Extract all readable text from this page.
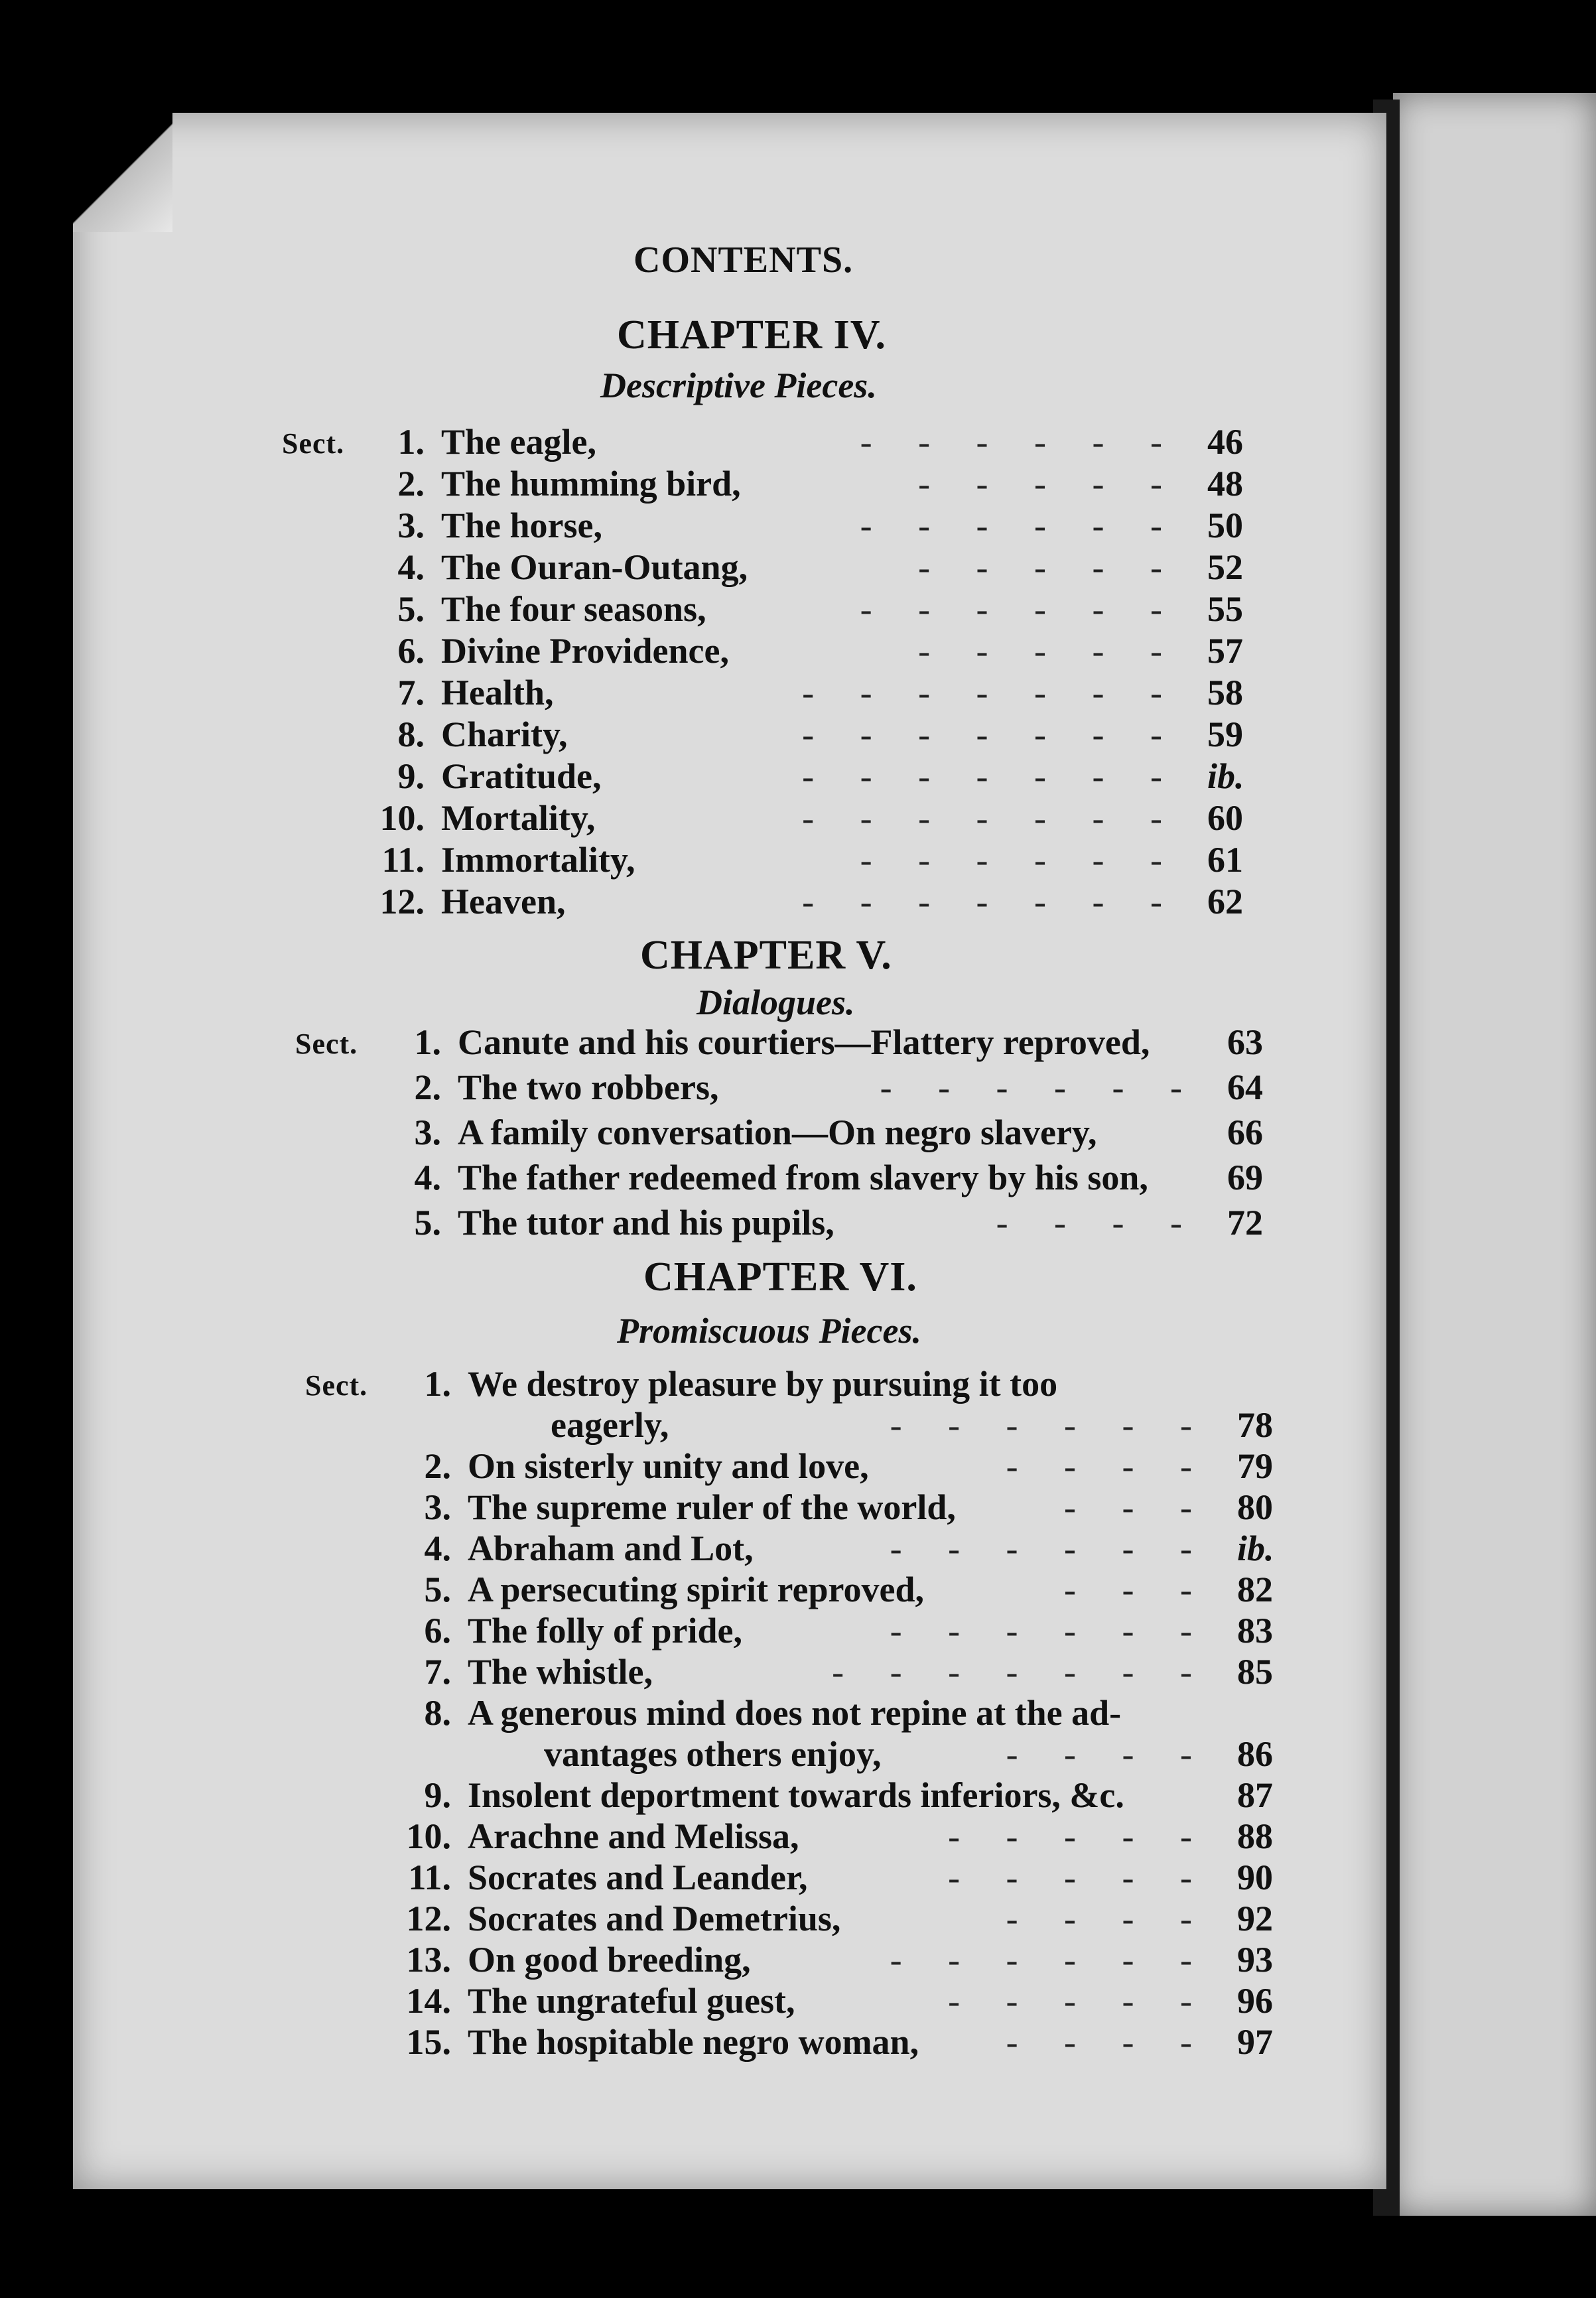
CONTENTS.
CHAPTER IV.
Descriptive Pieces.
Sect.	1. The eagle,	- - - - - - 46
2. The humming bird,	- - - - - 48
3. The horse,	- - - - - - 50
4. The Ouran-Outang,	- - - - - 52
5. The four seasons,	- - - - - - 55
6. Divine Providence,	- - - - - 57
7. Health,	- - - - - - - 58
8. Charity,	- - - - - - - 59
9. Gratitude,	- - - - - - - ib.
10. Mortality,	- - - - - - - 60
11. Immortality,	- - - - - - 61
12. Heaven,	- - - - - - - 62
CHAPTER V.
Dialogues.
Sect.	1. Canute and his courtiers—Flattery reproved, 63
2. The two robbers,	- - - - - - 64
3. A family conversation—On negro slavery,	66
4. The father redeemed from slavery by his son, 69
5. The tutor and his pupils,	- - - - 72
CHAPTER VI.
Promiscuous Pieces.
Sect.	1. We destroy pleasure by pursuing it too
eagerly,	- - - - - - 78
2. On sisterly unity and love,	- - - - 79
3. The supreme ruler of the world,	- - - 80
4. Abraham and Lot,	- - - - - - ib.
5. A persecuting spirit reproved,	- - - 82
6. The folly of pride,	- - - - - - 83
7. The whistle,	- - - - - - - 85
8. A generous mind does not repine at the ad-
vantages others enjoy,	- - - - 86
9. Insolent deportment towards inferiors, &c.	87
10. Arachne and Melissa,	- - - - - 88
11. Socrates and Leander,	- - - - - 90
12. Socrates and Demetrius,	- - - - 92
13. On good breeding,	- - - - - - 93
14. The ungrateful guest,	- - - - - 96
15. The hospitable negro woman, - - - - 97
